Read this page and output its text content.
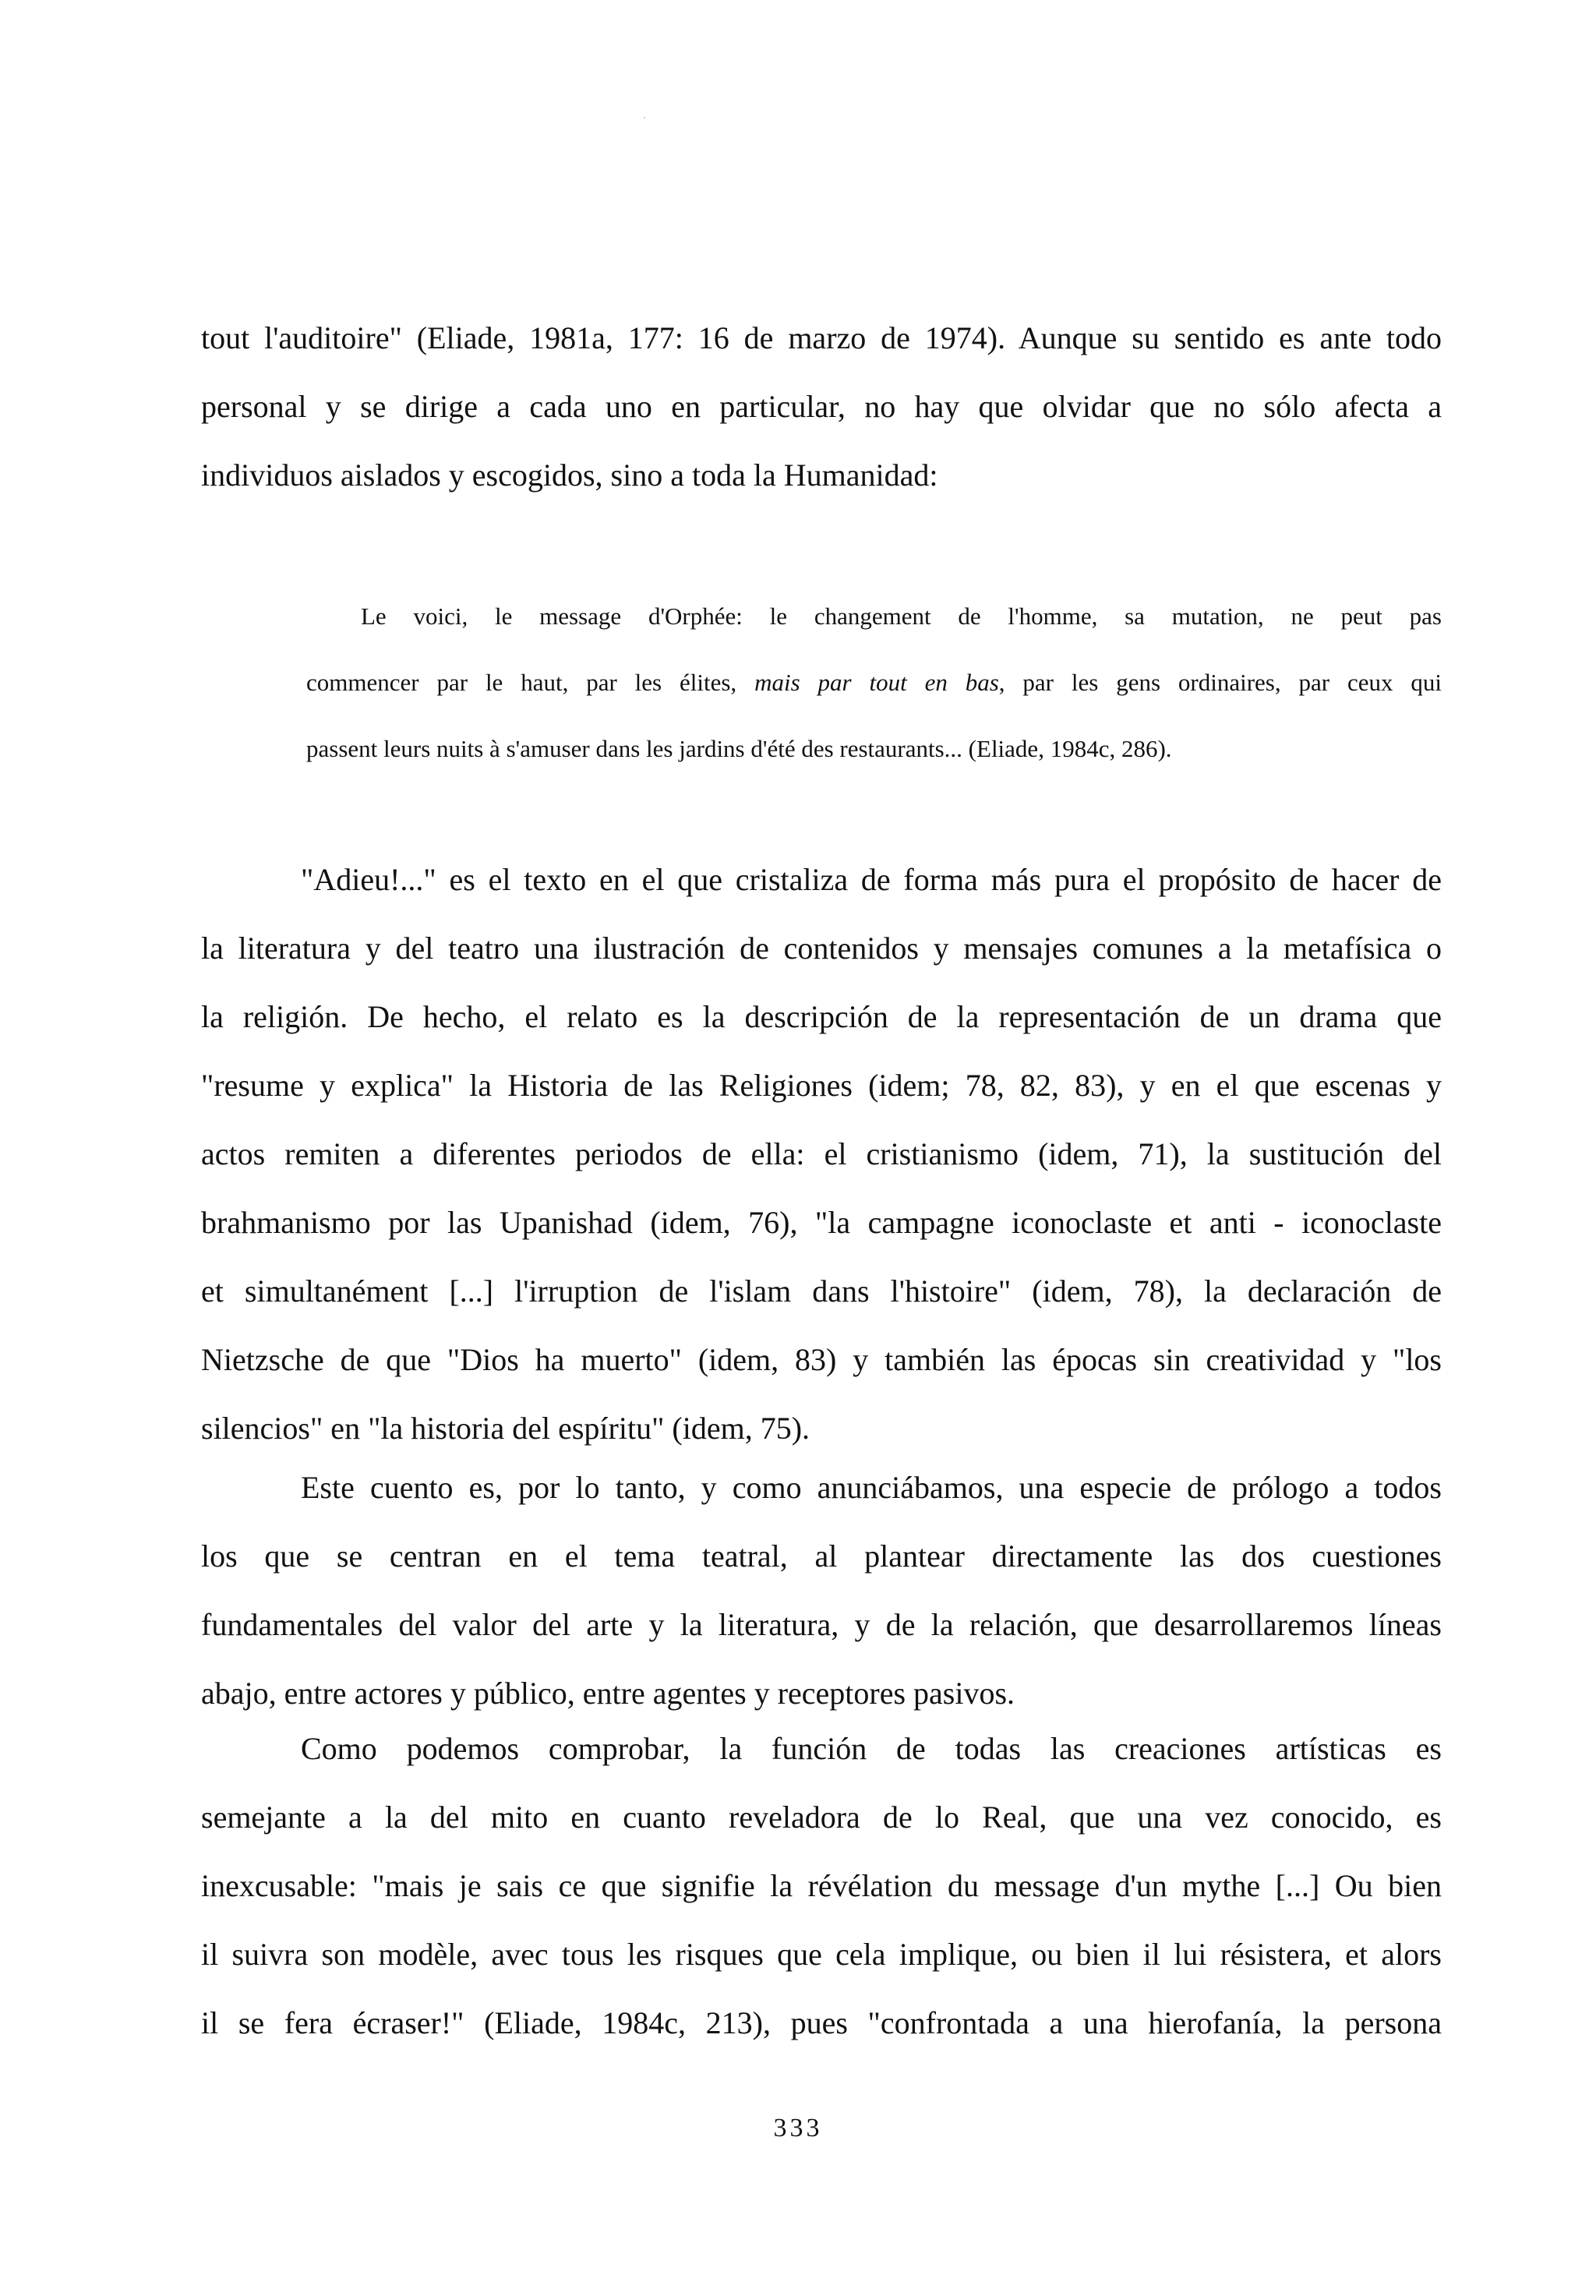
tout l'auditoire" (Eliade, 1981a, 177: 16 de marzo de 1974). Aunque su sentido es ante todo
personal y se dirige a cada uno en particular, no hay que olvidar que no sólo afecta a
individuos aislados y escogidos, sino a toda la Humanidad:
Le voici, le message d'Orphée: le changement de l'homme, sa mutation, ne peut pas
commencer par le haut, par les élites, mais par tout en bas, par les gens ordinaires, par ceux qui
passent leurs nuits à s'amuser dans les jardins d'été des restaurants... (Eliade, 1984c, 286).
"Adieu!..." es el texto en el que cristaliza de forma más pura el propósito de hacer de
la literatura y del teatro una ilustración de contenidos y mensajes comunes a la metafísica o
la religión. De hecho, el relato es la descripción de la representación de un drama que
"resume y explica" la Historia de las Religiones (idem; 78, 82, 83), y en el que escenas y
actos remiten a diferentes periodos de ella: el cristianismo (idem, 71), la sustitución del
brahmanismo por las Upanishad (idem, 76), "la campagne iconoclaste et anti - iconoclaste
et simultanément [...] l'irruption de l'islam dans l'histoire" (idem, 78), la declaración de
Nietzsche de que "Dios ha muerto" (idem, 83) y también las épocas sin creatividad y "los
silencios" en "la historia del espíritu" (idem, 75).
Este cuento es, por lo tanto, y como anunciábamos, una especie de prólogo a todos
los que se centran en el tema teatral, al plantear directamente las dos cuestiones
fundamentales del valor del arte y la literatura, y de la relación, que desarrollaremos líneas
abajo, entre actores y público, entre agentes y receptores pasivos.
Como podemos comprobar, la función de todas las creaciones artísticas es
semejante a la del mito en cuanto reveladora de lo Real, que una vez conocido, es
inexcusable: "mais je sais ce que signifie la révélation du message d'un mythe [...] Ou bien
il suivra son modèle, avec tous les risques que cela implique, ou bien il lui résistera, et alors
il se fera écraser!" (Eliade, 1984c, 213), pues "confrontada a una hierofanía, la persona
333
